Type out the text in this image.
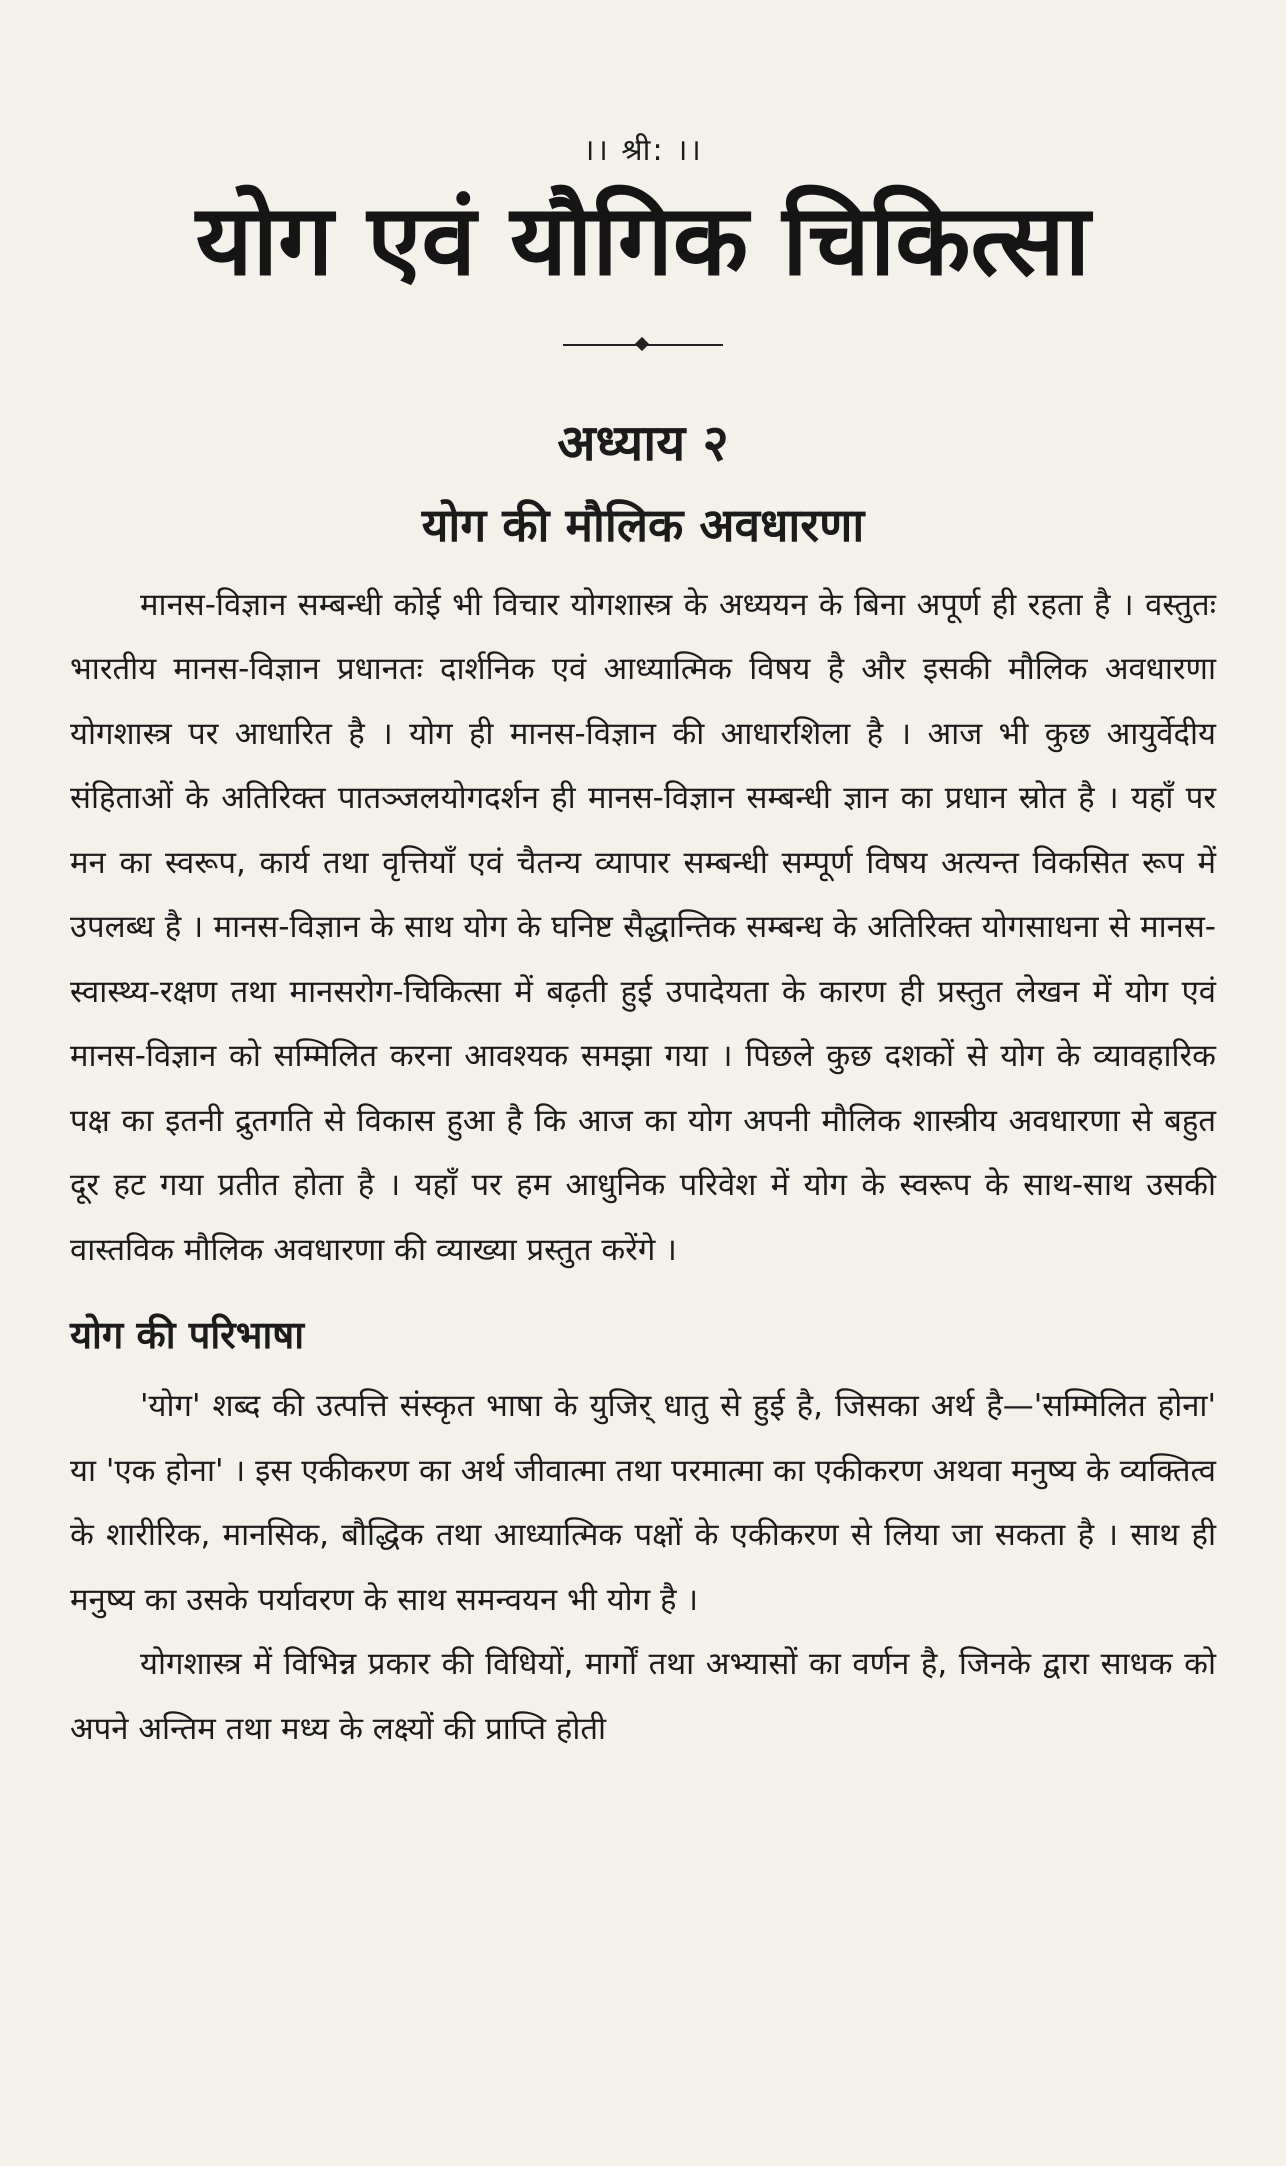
।। श्री: ।।
योग एवं यौगिक चिकित्सा
अध्याय २
योग की मौलिक अवधारणा

मानस-विज्ञान सम्बन्धी कोई भी विचार योगशास्त्र के अध्ययन के बिना अपूर्ण ही रहता है । वस्तुतः भारतीय मानस-विज्ञान प्रधानतः दार्शनिक एवं आध्यात्मिक विषय है और इसकी मौलिक अवधारणा योगशास्त्र पर आधारित है । योग ही मानस-विज्ञान की आधारशिला है । आज भी कुछ आयुर्वेदीय संहिताओं के अतिरिक्त पातञ्जलयोगदर्शन ही मानस-विज्ञान सम्बन्धी ज्ञान का प्रधान स्रोत है । यहाँ पर मन का स्वरूप, कार्य तथा वृत्तियाँ एवं चैतन्य व्यापार सम्बन्धी सम्पूर्ण विषय अत्यन्त विकसित रूप में उपलब्ध है । मानस-विज्ञान के साथ योग के घनिष्ट सैद्धान्तिक सम्बन्ध के अतिरिक्त योगसाधना से मानस-स्वास्थ्य-रक्षण तथा मानसरोग-चिकित्सा में बढ़ती हुई उपादेयता के कारण ही प्रस्तुत लेखन में योग एवं मानस-विज्ञान को सम्मिलित करना आवश्यक समझा गया । पिछले कुछ दशकों से योग के व्यावहारिक पक्ष का इतनी द्रुतगति से विकास हुआ है कि आज का योग अपनी मौलिक शास्त्रीय अवधारणा से बहुत दूर हट गया प्रतीत होता है । यहाँ पर हम आधुनिक परिवेश में योग के स्वरूप के साथ-साथ उसकी वास्तविक मौलिक अवधारणा की व्याख्या प्रस्तुत करेंगे ।

योग की परिभाषा

'योग' शब्द की उत्पत्ति संस्कृत भाषा के युजिर् धातु से हुई है, जिसका अर्थ है—'सम्मिलित होना' या 'एक होना' । इस एकीकरण का अर्थ जीवात्मा तथा परमात्मा का एकीकरण अथवा मनुष्य के व्यक्तित्व के शारीरिक, मानसिक, बौद्धिक तथा आध्यात्मिक पक्षों के एकीकरण से लिया जा सकता है । साथ ही मनुष्य का उसके पर्यावरण के साथ समन्वयन भी योग है ।

योगशास्त्र में विभिन्न प्रकार की विधियों, मार्गों तथा अभ्यासों का वर्णन है, जिनके द्वारा साधक को अपने अन्तिम तथा मध्य के लक्ष्यों की प्राप्ति होती
